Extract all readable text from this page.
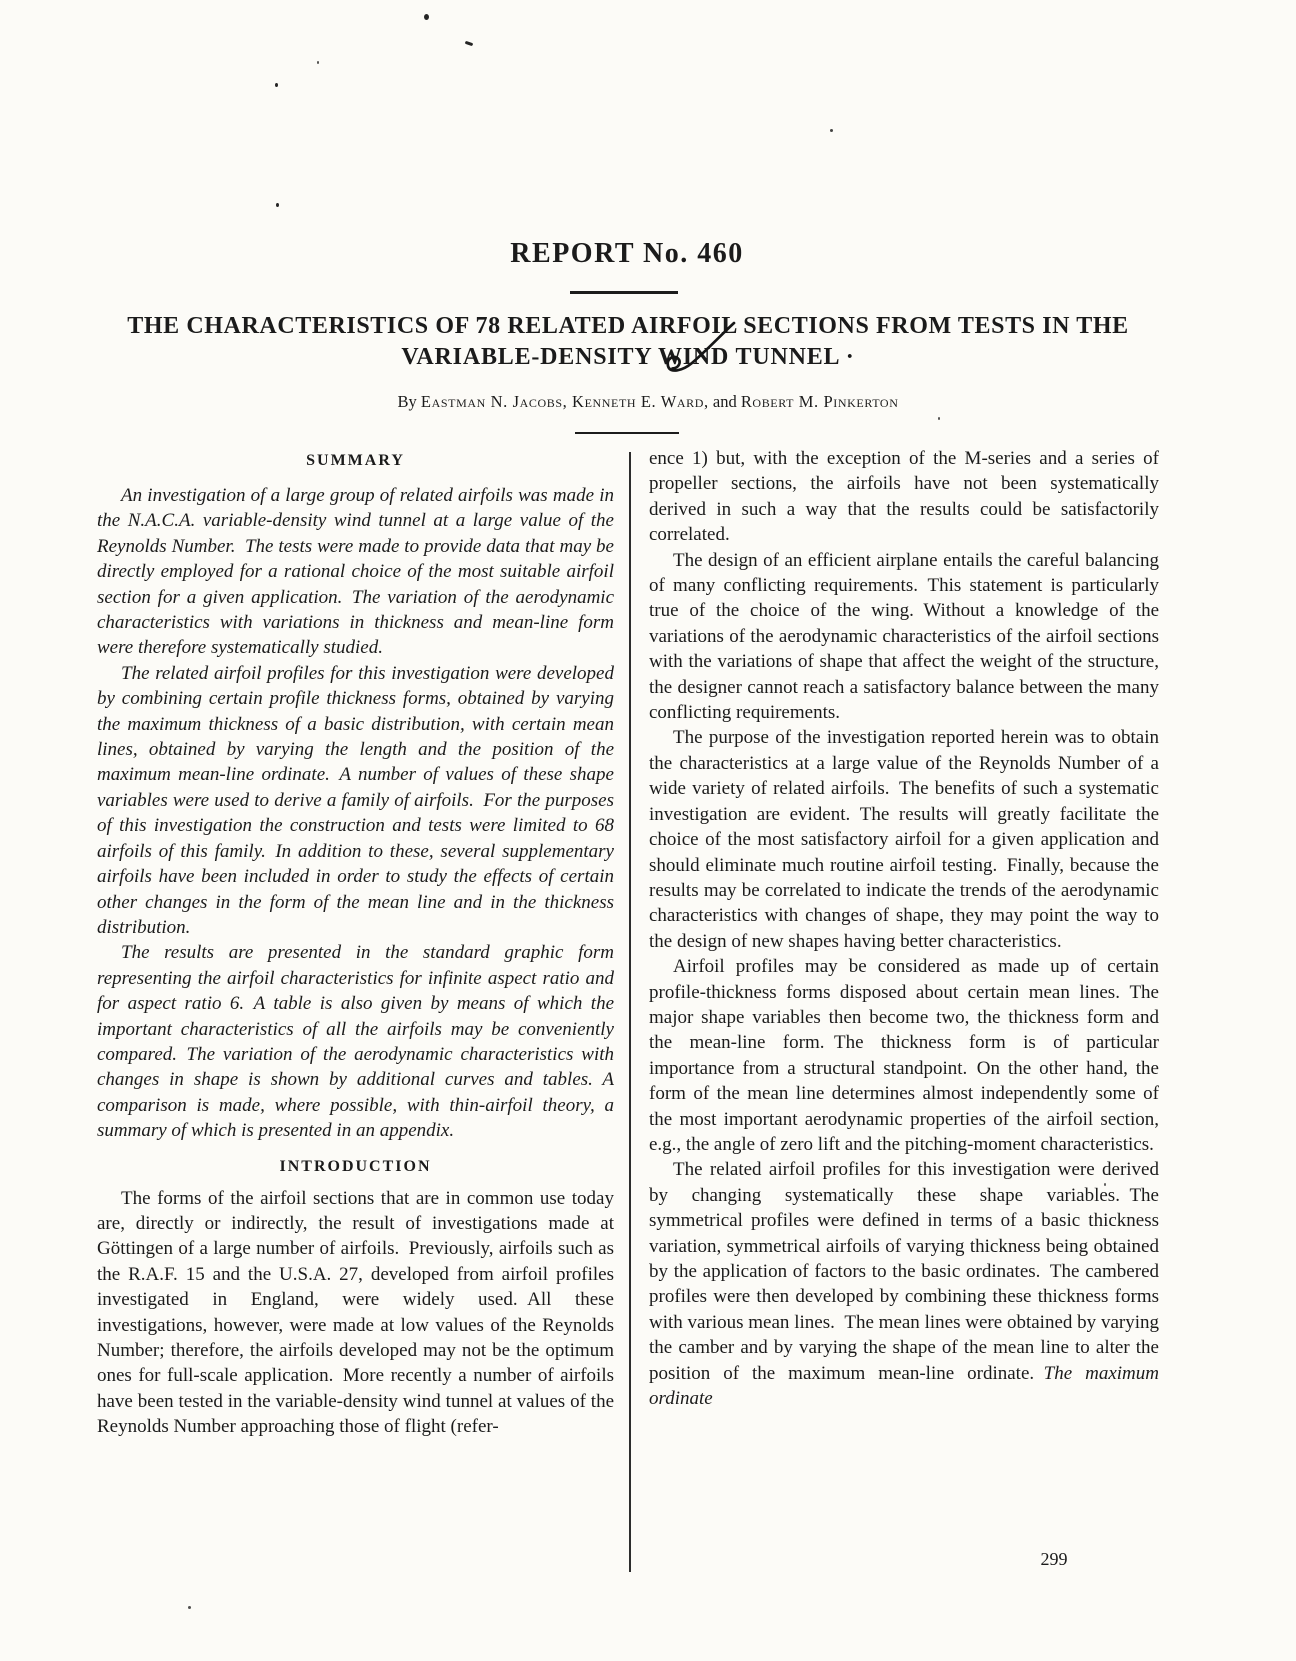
REPORT No. 460
THE CHARACTERISTICS OF 78 RELATED AIRFOIL SECTIONS FROM TESTS IN THE
VARIABLE-DENSITY WIND TUNNEL ·

By Eastman N. Jacobs, Kenneth E. Ward, and Robert M. Pinkerton

SUMMARY

An investigation of a large group of related airfoils was made in the N.A.C.A. variable-density wind tunnel at a large value of the Reynolds Number. The tests were made to provide data that may be directly employed for a rational choice of the most suitable airfoil section for a given application. The variation of the aerodynamic characteristics with variations in thickness and mean-line form were therefore systematically studied.

The related airfoil profiles for this investigation were developed by combining certain profile thickness forms, obtained by varying the maximum thickness of a basic distribution, with certain mean lines, obtained by varying the length and the position of the maximum mean-line ordinate. A number of values of these shape variables were used to derive a family of airfoils. For the purposes of this investigation the construction and tests were limited to 68 airfoils of this family. In addition to these, several supplementary airfoils have been included in order to study the effects of certain other changes in the form of the mean line and in the thickness distribution.

The results are presented in the standard graphic form representing the airfoil characteristics for infinite aspect ratio and for aspect ratio 6. A table is also given by means of which the important characteristics of all the airfoils may be conveniently compared. The variation of the aerodynamic characteristics with changes in shape is shown by additional curves and tables. A comparison is made, where possible, with thin-airfoil theory, a summary of which is presented in an appendix.

INTRODUCTION

The forms of the airfoil sections that are in common use today are, directly or indirectly, the result of investigations made at Göttingen of a large number of airfoils. Previously, airfoils such as the R.A.F. 15 and the U.S.A. 27, developed from airfoil profiles investigated in England, were widely used. All these investigations, however, were made at low values of the Reynolds Number; therefore, the airfoils developed may not be the optimum ones for full-scale application. More recently a number of airfoils have been tested in the variable-density wind tunnel at values of the Reynolds Number approaching those of flight (refer-

ence 1) but, with the exception of the M-series and a series of propeller sections, the airfoils have not been systematically derived in such a way that the results could be satisfactorily correlated.

The design of an efficient airplane entails the careful balancing of many conflicting requirements. This statement is particularly true of the choice of the wing. Without a knowledge of the variations of the aerodynamic characteristics of the airfoil sections with the variations of shape that affect the weight of the structure, the designer cannot reach a satisfactory balance between the many conflicting requirements.

The purpose of the investigation reported herein was to obtain the characteristics at a large value of the Reynolds Number of a wide variety of related airfoils. The benefits of such a systematic investigation are evident. The results will greatly facilitate the choice of the most satisfactory airfoil for a given application and should eliminate much routine airfoil testing. Finally, because the results may be correlated to indicate the trends of the aerodynamic characteristics with changes of shape, they may point the way to the design of new shapes having better characteristics.

Airfoil profiles may be considered as made up of certain profile-thickness forms disposed about certain mean lines. The major shape variables then become two, the thickness form and the mean-line form. The thickness form is of particular importance from a structural standpoint. On the other hand, the form of the mean line determines almost independently some of the most important aerodynamic properties of the airfoil section, e.g., the angle of zero lift and the pitching-moment characteristics.

The related airfoil profiles for this investigation were derived by changing systematically these shape variables. The symmetrical profiles were defined in terms of a basic thickness variation, symmetrical airfoils of varying thickness being obtained by the application of factors to the basic ordinates. The cambered profiles were then developed by combining these thickness forms with various mean lines. The mean lines were obtained by varying the camber and by varying the shape of the mean line to alter the position of the maximum mean-line ordinate. The maximum ordinate

299
